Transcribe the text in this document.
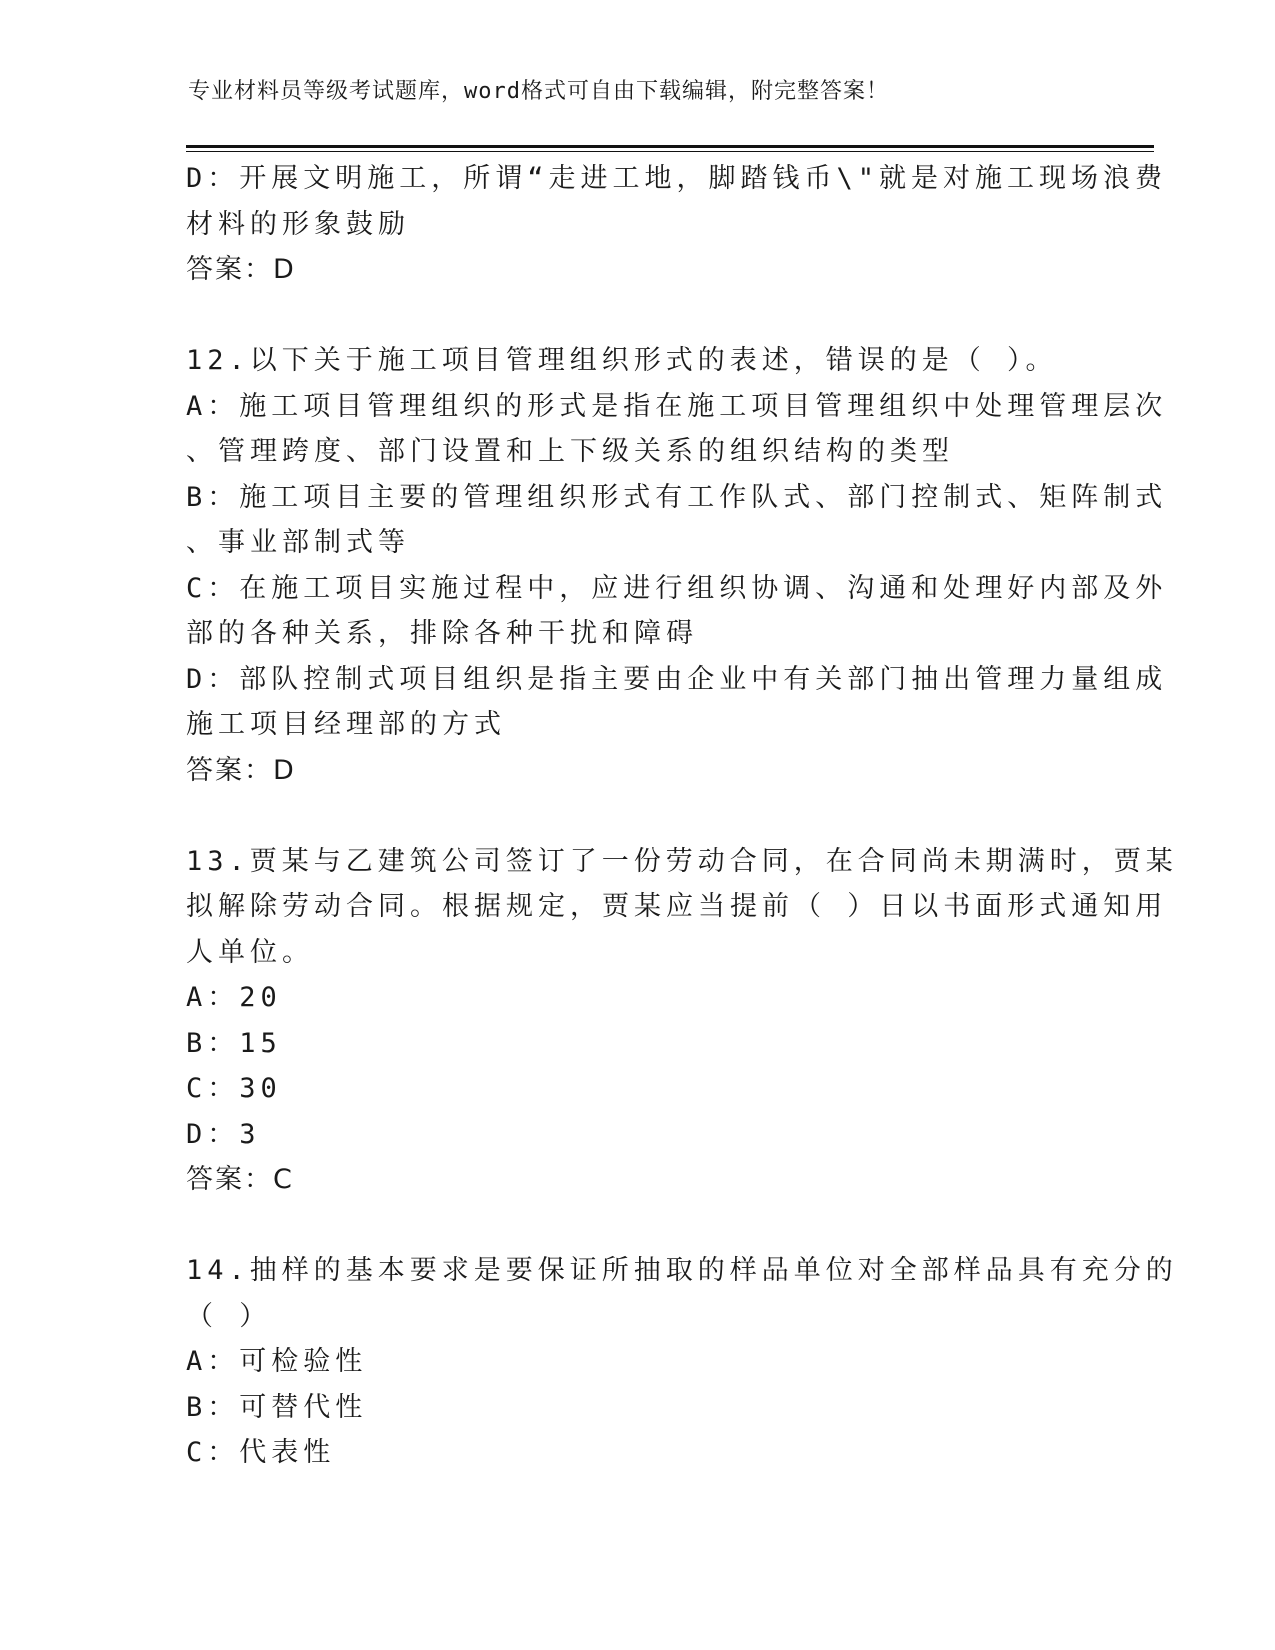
专业材料员等级考试题库，word格式可自由下载编辑，附完整答案！
D：开展文明施工，所谓“走进工地，脚踏钱币\"就是对施工现场浪费
材料的形象鼓励
答案：D
12.以下关于施工项目管理组织形式的表述，错误的是（ ）。
A：施工项目管理组织的形式是指在施工项目管理组织中处理管理层次
、管理跨度、部门设置和上下级关系的组织结构的类型
B：施工项目主要的管理组织形式有工作队式、部门控制式、矩阵制式
、事业部制式等
C：在施工项目实施过程中，应进行组织协调、沟通和处理好内部及外
部的各种关系，排除各种干扰和障碍
D：部队控制式项目组织是指主要由企业中有关部门抽出管理力量组成
施工项目经理部的方式
答案：D
13.贾某与乙建筑公司签订了一份劳动合同，在合同尚未期满时，贾某
拟解除劳动合同。根据规定，贾某应当提前（ ）日以书面形式通知用
人单位。
A：20
B：15
C：30
D：3
答案：C
14.抽样的基本要求是要保证所抽取的样品单位对全部样品具有充分的
（ ）
A：可检验性
B：可替代性
C：代表性
